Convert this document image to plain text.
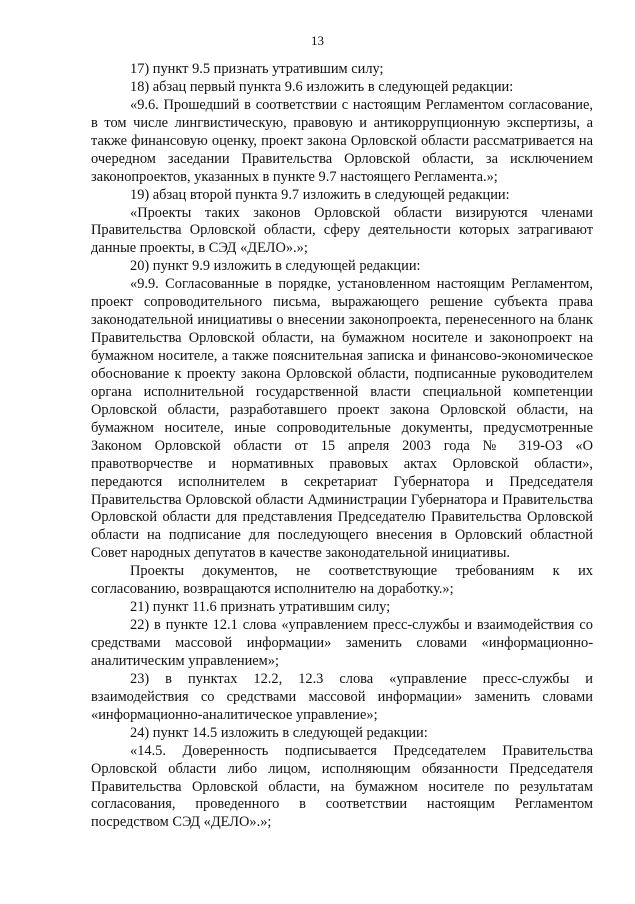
13

17) пункт 9.5 признать утратившим силу;

18) абзац первый пункта 9.6 изложить в следующей редакции:

«9.6. Прошедший в соответствии с настоящим Регламентом согласование, в том числе лингвистическую, правовую и антикоррупционную экспертизы, а также финансовую оценку, проект закона Орловской области рассматривается на очередном заседании Правительства Орловской области, за исключением законопроектов, указанных в пункте 9.7 настоящего Регламента.»;

19) абзац второй пункта 9.7 изложить в следующей редакции:

«Проекты таких законов Орловской области визируются членами Правительства Орловской области, сферу деятельности которых затрагивают данные проекты, в СЭД «ДЕЛО».»;

20) пункт 9.9 изложить в следующей редакции:

«9.9. Согласованные в порядке, установленном настоящим Регламентом, проект сопроводительного письма, выражающего решение субъекта права законодательной инициативы о внесении законопроекта, перенесенного на бланк Правительства Орловской области, на бумажном носителе и законопроект на бумажном носителе, а также пояснительная записка и финансово-экономическое обоснование к проекту закона Орловской области, подписанные руководителем органа исполнительной государственной власти специальной компетенции Орловской области, разработавшего проект закона Орловской области, на бумажном носителе, иные сопроводительные документы, предусмотренные Законом Орловской области от 15 апреля 2003 года № 319-ОЗ «О правотворчестве и нормативных правовых актах Орловской области», передаются исполнителем в секретариат Губернатора и Председателя Правительства Орловской области Администрации Губернатора и Правительства Орловской области для представления Председателю Правительства Орловской области на подписание для последующего внесения в Орловский областной Совет народных депутатов в качестве законодательной инициативы.

Проекты документов, не соответствующие требованиям к их согласованию, возвращаются исполнителю на доработку.»;

21) пункт 11.6 признать утратившим силу;

22) в пункте 12.1 слова «управлением пресс-службы и взаимодействия со средствами массовой информации» заменить словами «информационно-аналитическим управлением»;

23) в пунктах 12.2, 12.3 слова «управление пресс-службы и взаимодействия со средствами массовой информации» заменить словами «информационно-аналитическое управление»;

24) пункт 14.5 изложить в следующей редакции:

«14.5. Доверенность подписывается Председателем Правительства Орловской области либо лицом, исполняющим обязанности Председателя Правительства Орловской области, на бумажном носителе по результатам согласования, проведенного в соответствии настоящим Регламентом посредством СЭД «ДЕЛО».»;
